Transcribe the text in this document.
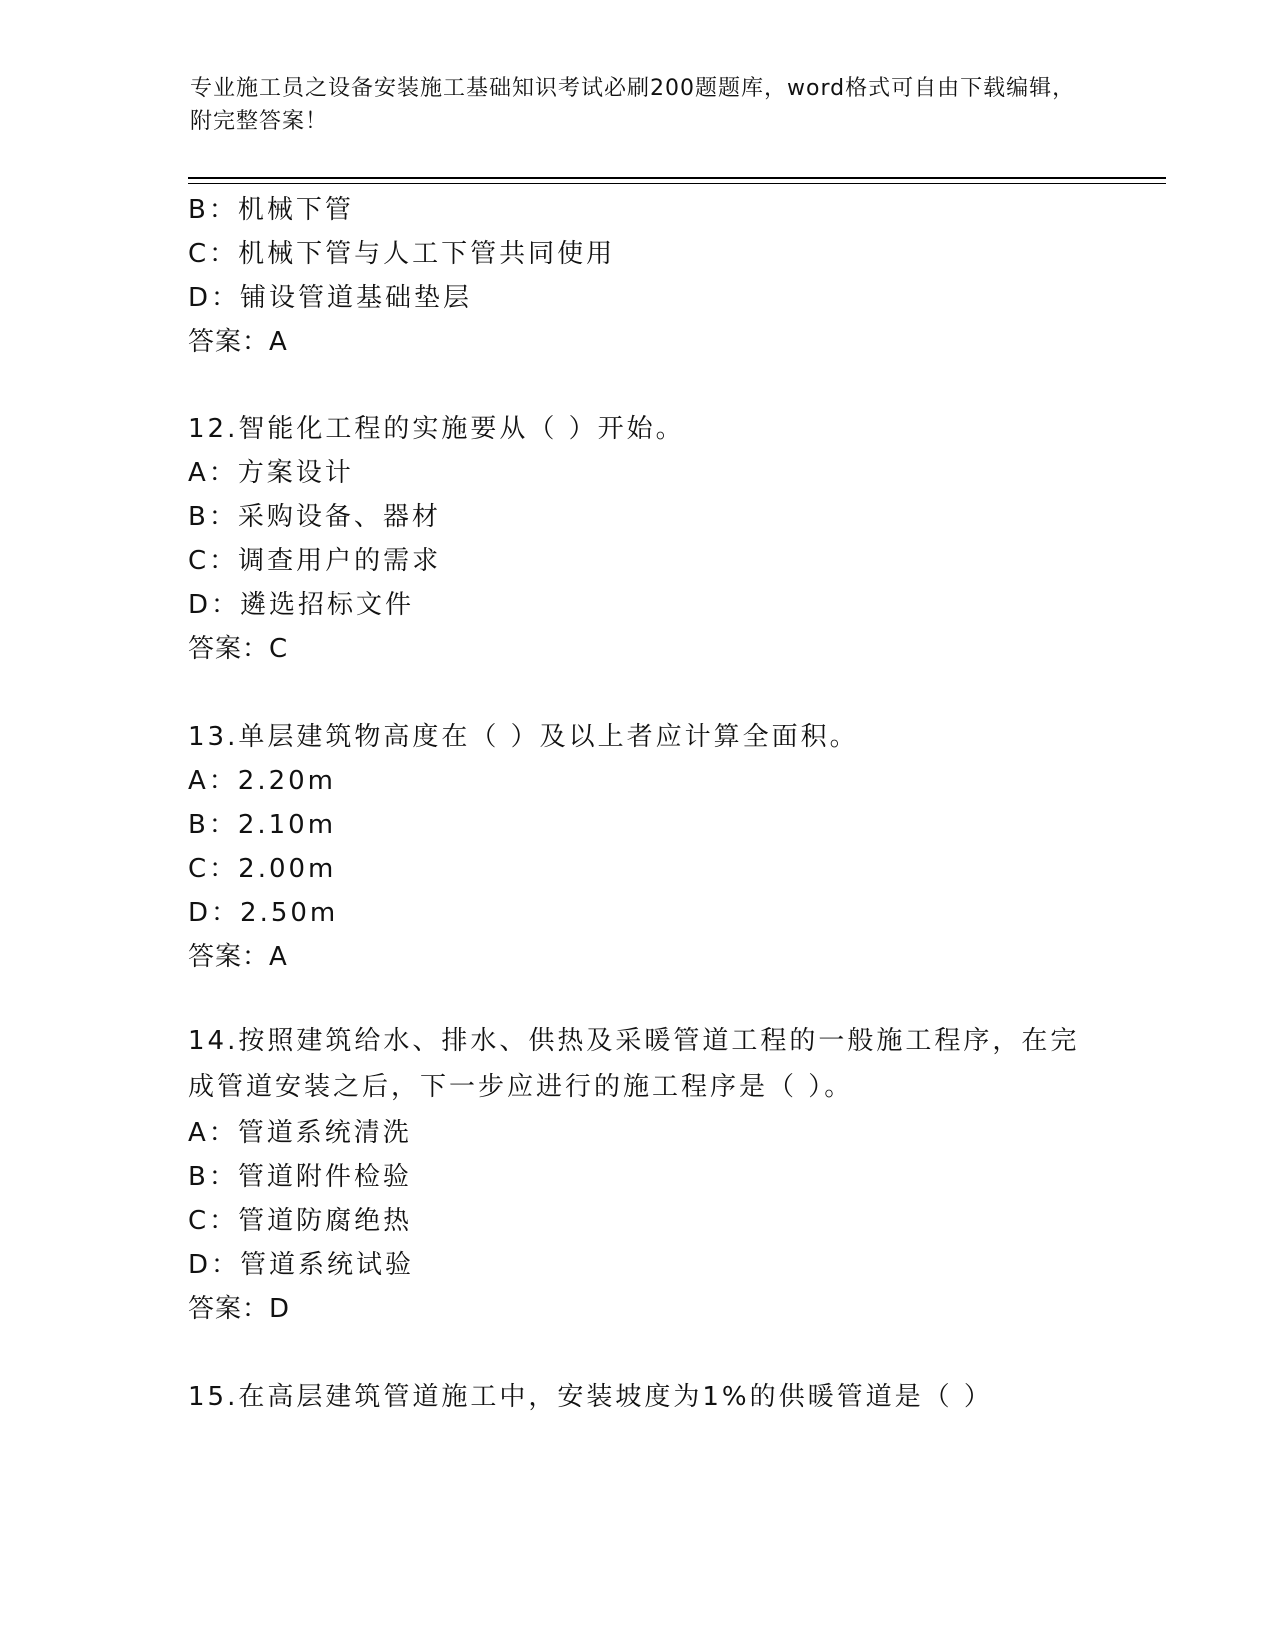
专业施工员之设备安装施工基础知识考试必刷200题题库，word格式可自由下载编辑，附完整答案！
B：机械下管
C：机械下管与人工下管共同使用
D：铺设管道基础垫层
答案：A
12.智能化工程的实施要从（ ）开始。
A：方案设计
B：采购设备、器材
C：调查用户的需求
D：遴选招标文件
答案：C
13.单层建筑物高度在（ ）及以上者应计算全面积。
A：2.20m
B：2.10m
C：2.00m
D：2.50m
答案：A
14.按照建筑给水、排水、供热及采暖管道工程的一般施工程序，在完成管道安装之后，下一步应进行的施工程序是（ ）。
A：管道系统清洗
B：管道附件检验
C：管道防腐绝热
D：管道系统试验
答案：D
15.在高层建筑管道施工中，安装坡度为1%的供暖管道是（ ）
